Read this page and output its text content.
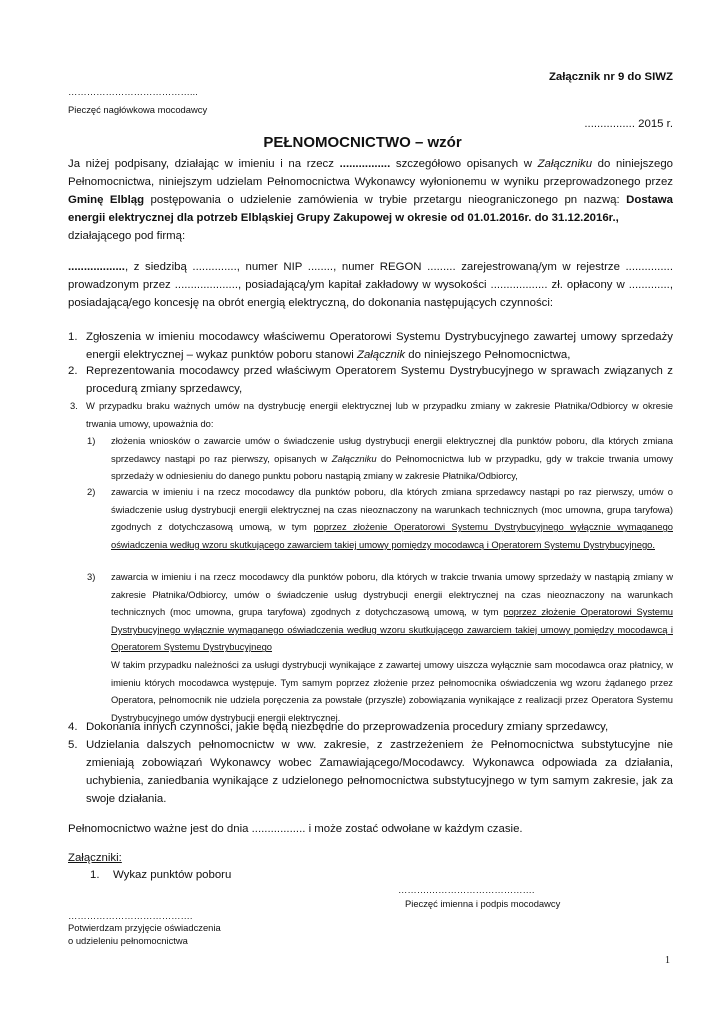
Załącznik nr 9 do SIWZ
…………………………………...
Pieczęć nagłówkowa mocodawcy
................ 2015 r.
PEŁNOMOCNICTWO – wzór
Ja niżej podpisany, działając w imieniu i na rzecz ................ szczegółowo opisanych w Załączniku do niniejszego Pełnomocnictwa, niniejszym udzielam Pełnomocnictwa Wykonawcy wyłonionemu w wyniku przeprowadzonego przez Gminę Elbląg postępowania o udzielenie zamówienia w trybie przetargu nieograniczonego pn nazwą: Dostawa energii elektrycznej dla potrzeb Elbląskiej Grupy Zakupowej w okresie od 01.01.2016r. do 31.12.2016r.,
działającego pod firmą:
.................., z siedzibą .............., numer NIP ........, numer REGON ......... zarejestrowaną/ym w rejestrze ............... prowadzonym przez ...................., posiadającą/ym kapitał zakładowy w wysokości .................. zł. opłacony w ............., posiadającą/ego koncesję na obrót energią elektryczną, do dokonania następujących czynności:
1. Zgłoszenia w imieniu mocodawcy właściwemu Operatorowi Systemu Dystrybucyjnego zawartej umowy sprzedaży energii elektrycznej – wykaz punktów poboru stanowi Załącznik do niniejszego Pełnomocnictwa,
2. Reprezentowania mocodawcy przed właściwym Operatorem Systemu Dystrybucyjnego w sprawach związanych z procedurą zmiany sprzedawcy,
3. W przypadku braku ważnych umów na dystrybucję energii elektrycznej lub w przypadku zmiany w zakresie Płatnika/Odbiorcy w okresie trwania umowy, upoważnia do:
1) złożenia wniosków o zawarcie umów o świadczenie usług dystrybucji energii elektrycznej dla punktów poboru, dla których zmiana sprzedawcy nastąpi po raz pierwszy, opisanych w Załączniku do Pełnomocnictwa lub w przypadku, gdy w trakcie trwania umowy sprzedaży w odniesieniu do danego punktu poboru nastąpią zmiany w zakresie Płatnika/Odbiorcy,
2) zawarcia w imieniu i na rzecz mocodawcy dla punktów poboru, dla których zmiana sprzedawcy nastąpi po raz pierwszy, umów o świadczenie usług dystrybucji energii elektrycznej na czas nieoznaczony na warunkach technicznych (moc umowna, grupa taryfowa) zgodnych z dotychczasową umową, w tym poprzez złożenie Operatorowi Systemu Dystrybucyjnego wyłącznie wymaganego oświadczenia według wzoru skutkującego zawarciem takiej umowy pomiędzy mocodawcą i Operatorem Systemu Dystrybucyjnego.
3) zawarcia w imieniu i na rzecz mocodawcy dla punktów poboru, dla których w trakcie trwania umowy sprzedaży w nastąpią zmiany w zakresie Płatnika/Odbiorcy, umów o świadczenie usług dystrybucji energii elektrycznej na czas nieoznaczony na warunkach technicznych (moc umowna, grupa taryfowa) zgodnych z dotychczasową umową, w tym poprzez złożenie Operatorowi Systemu Dystrybucyjnego wyłącznie wymaganego oświadczenia według wzoru skutkującego zawarciem takiej umowy pomiędzy mocodawcą i Operatorem Systemu Dystrybucyjnego
W takim przypadku należności za usługi dystrybucji wynikające z zawartej umowy uiszcza wyłącznie sam mocodawca oraz płatnicy, w imieniu których mocodawca występuje. Tym samym poprzez złożenie przez pełnomocnika oświadczenia wg wzoru żądanego przez Operatora, pełnomocnik nie udziela poręczenia za powstałe (przyszłe) zobowiązania wynikające z realizacji przez Operatora Systemu Dystrybucyjnego umów dystrybucji energii elektrycznej.
4. Dokonania innych czynności, jakie będą niezbędne do przeprowadzenia procedury zmiany sprzedawcy,
5. Udzielania dalszych pełnomocnictw w ww. zakresie, z zastrzeżeniem że Pełnomocnictwa substytucyjne nie zmieniają zobowiązań Wykonawcy wobec Zamawiającego/Mocodawcy. Wykonawca odpowiada za działania, uchybienia, zaniedbania wynikające z udzielonego pełnomocnictwa substytucyjnego w tym samym zakresie, jak za swoje działania.
Pełnomocnictwo ważne jest do dnia ................. i może zostać odwołane w każdym czasie.
Załączniki:
1. Wykaz punktów poboru
……….…………………………….
Pieczęć imienna i podpis mocodawcy
………………………………….
Potwierdzam przyjęcie oświadczenia
o udzieleniu pełnomocnictwa
1
